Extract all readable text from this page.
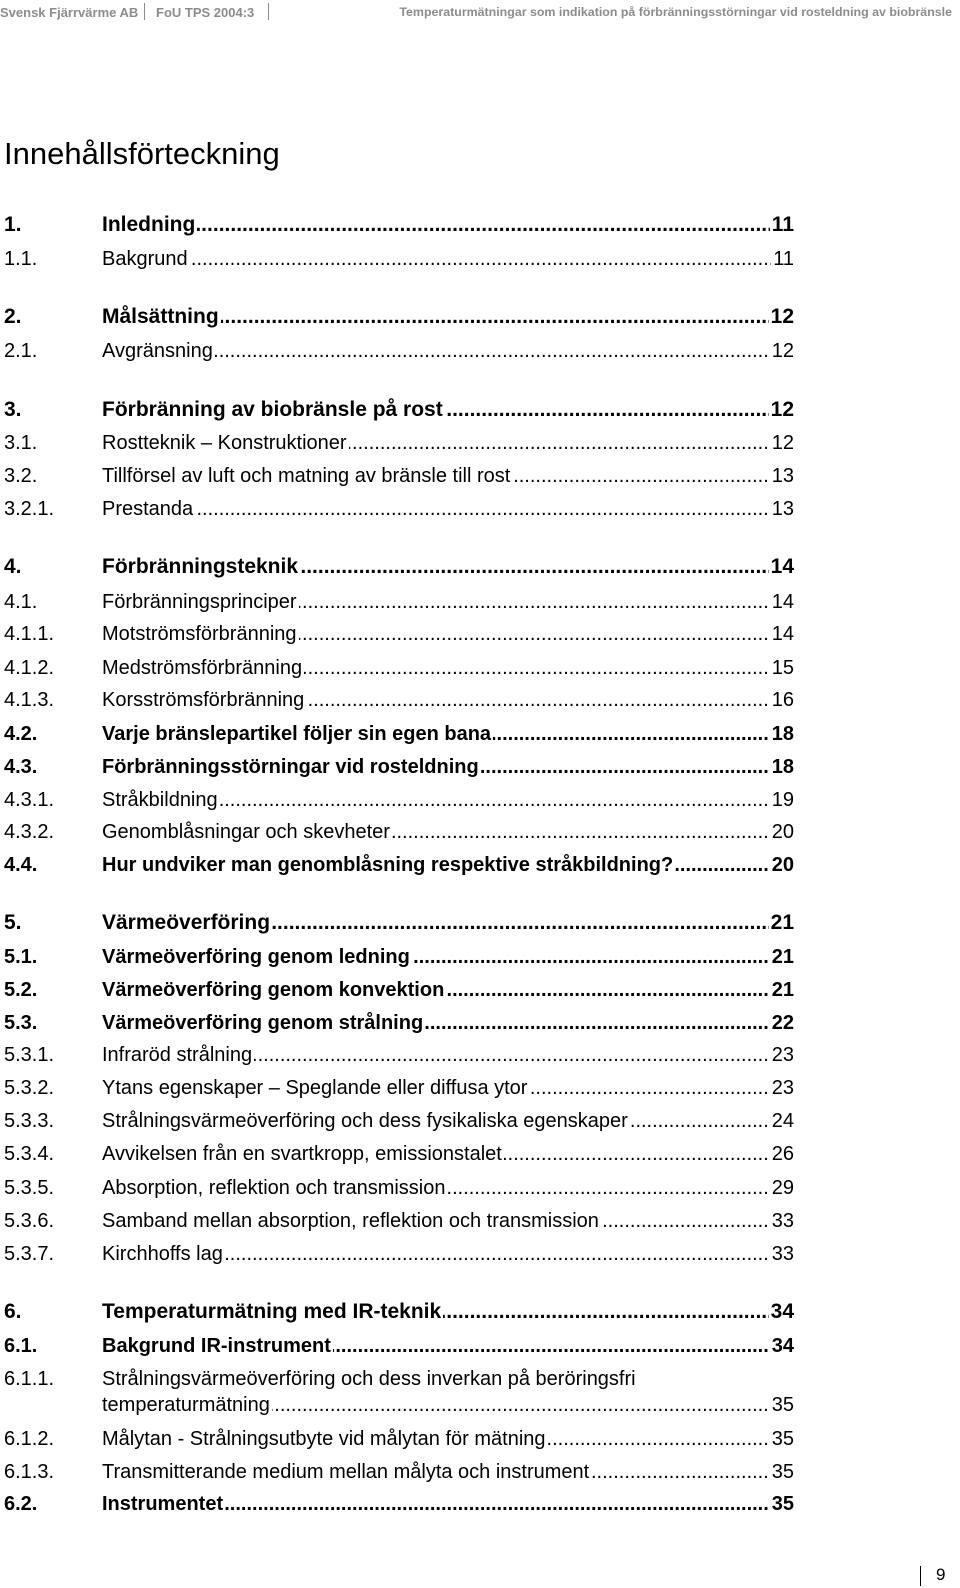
Svensk Fjärrvärme AB FoU TPS 2004:3	Temperaturmätningar som indikation på förbränningsstörningar vid rosteldning av biobränsle
Innehållsförteckning
1. .....	Inledning	11
1.1. .....	Bakgrund	11
2. .....	Målsättning	12
2.1. .....	Avgränsning	12
3. .....	Förbränning av biobränsle på rost	12
3.1. .....	Rostteknik – Konstruktioner	12
3.2. .....	Tillförsel av luft och matning av bränsle till rost	13
3.2.1. ..... Prestanda	13
4. .....	Förbränningsteknik	14
4.1. .....	Förbränningsprinciper	14
4.1.1. ..... Motströmsförbränning	14
4.1.2. ..... Medströmsförbränning	15
4.1.3. ..... Korsströmsförbränning	16
4.2. .....	Varje bränslepartikel följer sin egen bana	18
4.3. .....	Förbränningsstörningar vid rosteldning	18
4.3.1. ..... Stråkbildning	19
4.3.2. ..... Genomblåsningar och skevheter	20
4.4. .....	Hur undviker man genomblåsning respektive stråkbildning?	20
5. .....	Värmeöverföring	21
5.1. .....	Värmeöverföring genom ledning	21
5.2. .....	Värmeöverföring genom konvektion	21
5.3. .....	Värmeöverföring genom strålning	22
5.3.1. ..... Infraröd strålning	23
5.3.2. ..... Ytans egenskaper – Speglande eller diffusa ytor	23
5.3.3. ..... Strålningsvärmeöverföring och dess fysikaliska egenskaper	24
5.3.4. ..... Avvikelsen från en svartkropp, emissionstalet	26
5.3.5. ..... Absorption, reflektion och transmission	29
5.3.6. ..... Samband mellan absorption, reflektion och transmission	33
5.3.7. ..... Kirchhoffs lag	33
6. .....	Temperaturmätning med IR-teknik	34
6.1. .....	Bakgrund IR-instrument	34
6.1.1. Strålningsvärmeöverföring och dess inverkan på beröringsfri
.....
temperaturmätning	35
6.1.2. ..... Målytan - Strålningsutbyte vid målytan för mätning	35
6.1.3. ..... Transmitterande medium mellan målyta och instrument	35
6.2. .....	Instrumentet	35
9
